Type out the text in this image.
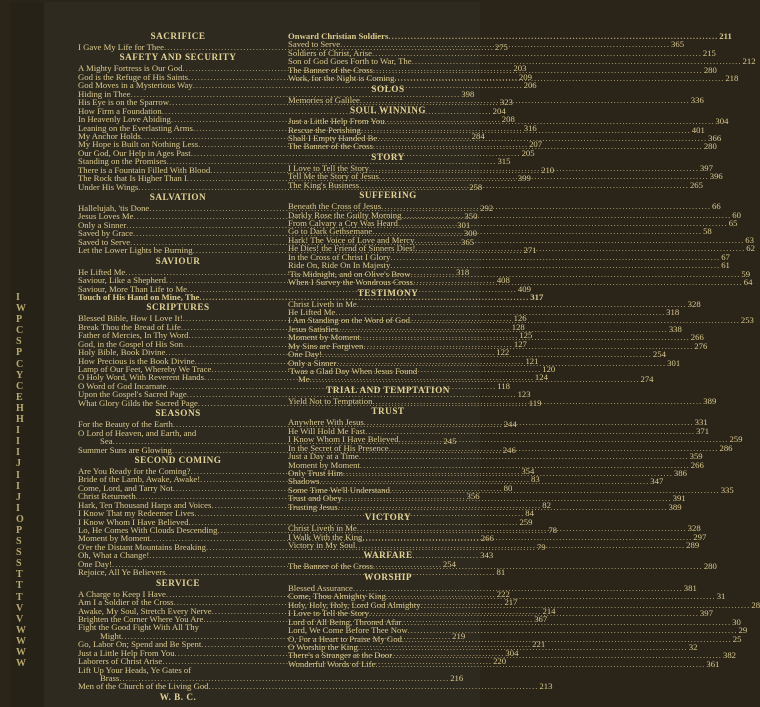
I
W
P
C
S
P
C
Y
C
E
H
H
I
I
I
J
I
I
J
I
O
P
S
S
S
T
T
T
V
V
W
W
W
W
SACRIFICE
I Gave My Life for Thee .....	275
SAFETY AND SECURITY
A Mighty Fortress is Our God .....	203
God is the Refuge of His Saints .....	209
God Moves in a Mysterious Way .....	206
Hiding in Thee .....	398
His Eye is on the Sparrow .....	323
How Firm a Foundation .....	204
In Heavenly Love Abiding .....	208
Leaning on the Everlasting Arms .....	316
My Anchor Holds .....	284
My Hope is Built on Nothing Less .....	207
Our God, Our Help in Ages Past .....	205
Standing on the Promises .....	315
There is a Fountain Filled With Blood .....	210
The Rock that Is Higher Than I .....	399
Under His Wings .....	258
SALVATION
Hallelujah, 'tis Done .....	292
Jesus Loves Me .....	350
Only a Sinner .....	301
Saved by Grace .....	300
Saved to Serve .....	365
Let the Lower Lights be Burning .....	271
SAVIOUR
He Lifted Me .....	318
Saviour, Like a Shepherd .....	408
Saviour, More Than Life to Me .....	409
Touch of His Hand on Mine, The .....	317
SCRIPTURES
Blessed Bible, How I Love It! .....	126
Break Thou the Bread of Life .....	128
Father of Mercies, In Thy Word .....	125
God, in the Gospel of His Son .....	127
Holy Bible, Book Divine .....	122
How Precious is the Book Divine .....	121
Lamp of Our Feet, Whereby We Trace .....	120
O Holy Word, With Reverent Hands .....	124
O Word of God Incarnate .....	118
Upon the Gospel's Sacred Page .....	123
What Glory Gilds the Sacred Page .....	119
SEASONS
For the Beauty of the Earth .....	244
O Lord of Heaven, and Earth, and
Sea .....	245
Summer Suns are Glowing .....	246
SECOND COMING
Are You Ready for the Coming? .....	354
Bride of the Lamb, Awake, Awake! .....	83
Come, Lord, and Tarry Not .....	80
Christ Returneth .....	356
Hark, Ten Thousand Harps and Voices .....	82
I Know That my Redeemer Lives .....	84
I Know Whom I Have Believed .....	259
Lo, He Comes With Clouds Descending .....	78
Moment by Moment .....	266
O'er the Distant Mountains Breaking .....	79
Oh, What a Change! .....	343
One Day! .....	254
Rejoice, All Ye Believers .....	81
SERVICE
A Charge to Keep I Have .....	222
Am I a Soldier of the Cross .....	217
Awake, My Soul, Stretch Every Nerve .....	214
Brighten the Corner Where You Are .....	367
Fight the Good Fight With All Thy
Might .....	219
Go, Labor On; Spend and Be Spent .....	221
Just a Little Help From You .....	304
Laborers of Christ Arise .....	220
Lift Up Your Heads, Ye Gates of
Brass .....	216
Men of the Church of the Living God .....	213
W. B. C.
Onward Christian Soldiers .....	211
Saved to Serve .....	365
Soldiers of Christ, Arise .....	215
Son of God Goes Forth to War, The .....	212
The Banner of the Cross .....	280
Work, for the Night is Coming .....	218
SOLOS
Memories of Galilee .....	336
SOUL WINNING
Just a Little Help From You .....	304
Rescue the Perishing .....	401
Shall I Empty Handed Be .....	366
The Banner of the Cross .....	280
STORY
I Love to Tell the Story .....	397
Tell Me the Story of Jesus .....	396
The King's Business .....	265
SUFFERING
Beneath the Cross of Jesus .....	66
Darkly Rose the Guilty Morning .....	60
From Calvary a Cry Was Heard .....	65
Go to Dark Gethsemane .....	58
Hark! The Voice of Love and Mercy .....	63
He Dies! the Friend of Sinners Dies! .....	62
In the Cross of Christ I Glory .....	67
Ride On, Ride On In Majesty .....	61
'Tis Midnight, and on Olive's Brow .....	59
When I Survey the Wondrous Cross .....	64
TESTIMONY
Christ Liveth in Me .....	328
He Lifted Me .....	318
I Am Standing on the Word of God .....	253
Jesus Satisfies .....	338
Moment by Moment .....	266
My Sins are Forgiven .....	276
One Day! .....	254
Only a Sinner .....	301
'Twas a Glad Day When Jesus Found
Me .....	274
TRIAL AND TEMPTATION
Yield Not to Temptation .....	389
TRUST
Anywhere With Jesus .....	331
He Will Hold Me Fast .....	371
I Know Whom I Have Believed .....	259
In the Secret of His Presence .....	286
Just a Day at a Time .....	359
Moment by Moment .....	266
Only Trust Him .....	386
Shadows .....	347
Some Time We'll Understand .....	335
Trust and Obey .....	391
Trusting Jesus .....	389
VICTORY
Christ Liveth in Me .....	328
I Walk With the King .....	297
Victory in My Soul .....	289
WARFARE
The Banner of the Cross .....	280
WORSHIP
Blessed Assurance .....	381
Come, Thou Almighty King .....	31
Holy, Holy, Holy, Lord God Almighty .....	28
I Love to Tell the Story .....	397
Lord of All Being, Throned Afar .....	30
Lord, We Come Before Thee Now .....	29
O, For a Heart to Praise My God .....	25
O Worship the King .....	32
There's a Stranger at the Door .....	382
Wonderful Words of Life .....	361
